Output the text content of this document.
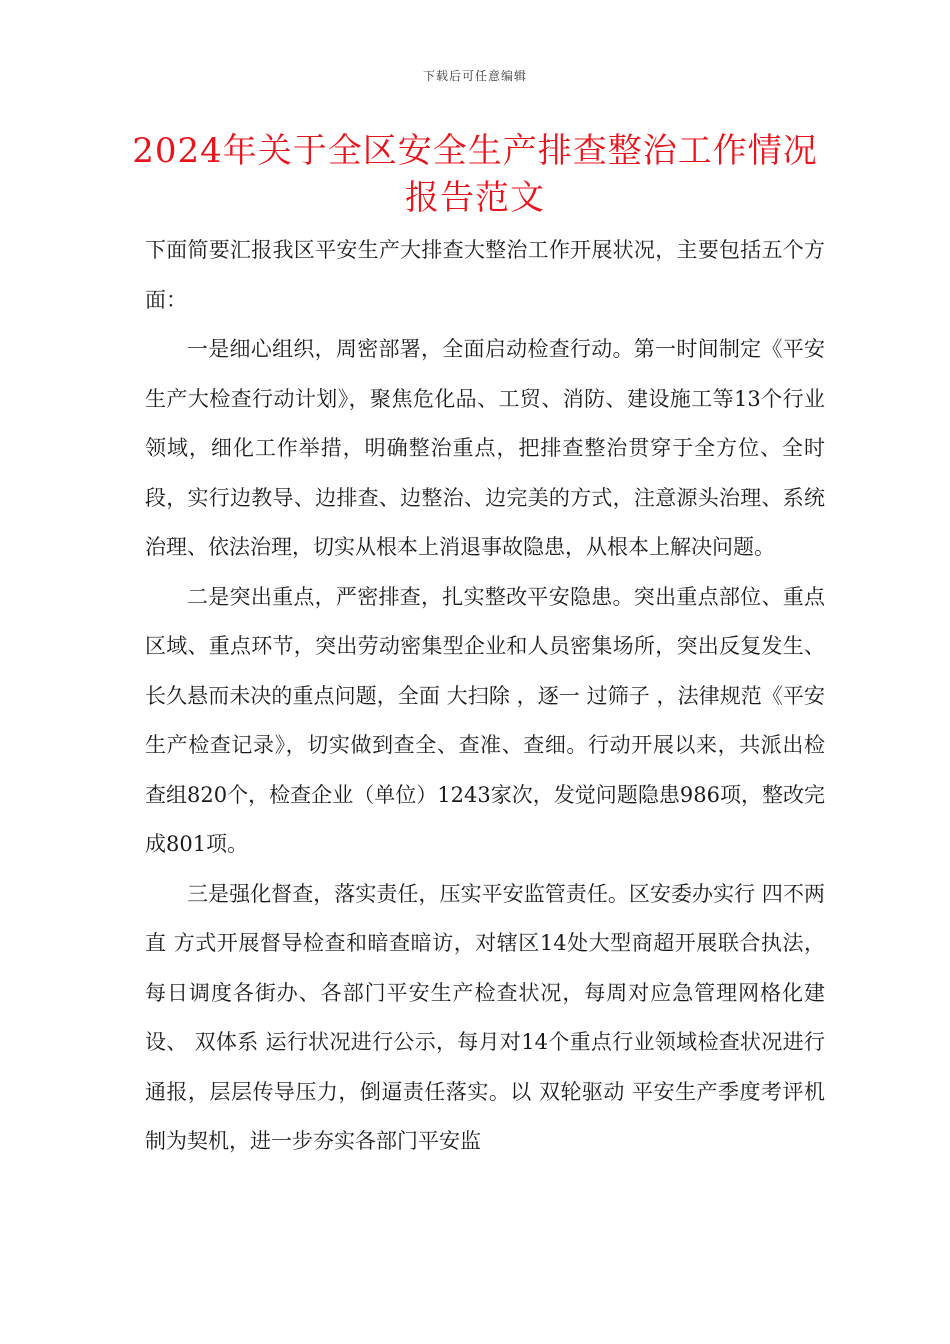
下载后可任意编辑
2024年关于全区安全生产排查整治工作情况报告范文

下面简要汇报我区平安生产大排查大整治工作开展状况，主要包括五个方面：

一是细心组织，周密部署，全面启动检查行动。第一时间制定《平安生产大检查行动计划》，聚焦危化品、工贸、消防、建设施工等13个行业领域，细化工作举措，明确整治重点，把排查整治贯穿于全方位、全时段，实行边教导、边排查、边整治、边完美的方式，注意源头治理、系统治理、依法治理，切实从根本上消退事故隐患，从根本上解决问题。

二是突出重点，严密排查，扎实整改平安隐患。突出重点部位、重点区域、重点环节，突出劳动密集型企业和人员密集场所，突出反复发生、长久悬而未决的重点问题，全面 大扫除 ，逐一 过筛子 ，法律规范《平安生产检查记录》，切实做到查全、查准、查细。行动开展以来，共派出检查组820个，检查企业（单位）1243家次，发觉问题隐患986项，整改完成801项。

三是强化督查，落实责任，压实平安监管责任。区安委办实行 四不两直 方式开展督导检查和暗查暗访，对辖区14处大型商超开展联合执法，每日调度各街办、各部门平安生产检查状况，每周对应急管理网格化建设、 双体系 运行状况进行公示，每月对14个重点行业领域检查状况进行通报，层层传导压力，倒逼责任落实。以 双轮驱动 平安生产季度考评机制为契机，进一步夯实各部门平安监
